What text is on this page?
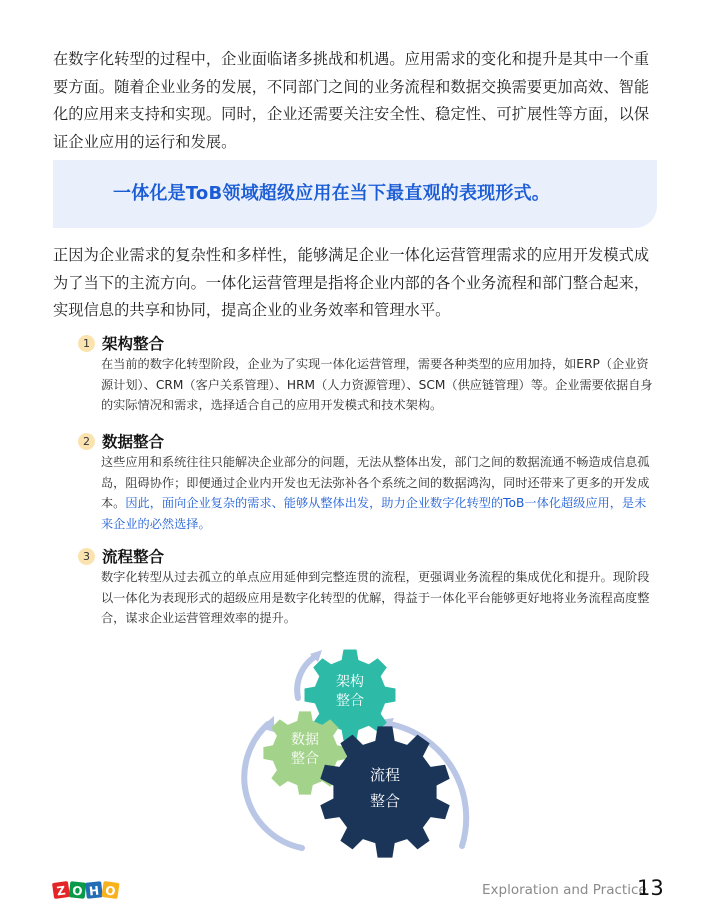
在数字化转型的过程中，企业面临诸多挑战和机遇。应用需求的变化和提升是其中一个重要方面。随着企业业务的发展，不同部门之间的业务流程和数据交换需要更加高效、智能化的应用来支持和实现。同时，企业还需要关注安全性、稳定性、可扩展性等方面，以保证企业应用的运行和发展。

一体化是ToB领域超级应用在当下最直观的表现形式。

正因为企业需求的复杂性和多样性，能够满足企业一体化运营管理需求的应用开发模式成为了当下的主流方向。一体化运营管理是指将企业内部的各个业务流程和部门整合起来，实现信息的共享和协同，提高企业的业务效率和管理水平。

1 架构整合

在当前的数字化转型阶段，企业为了实现一体化运营管理，需要各种类型的应用加持，如ERP（企业资源计划）、CRM（客户关系管理）、HRM（人力资源管理）、SCM（供应链管理）等。企业需要依据自身的实际情况和需求，选择适合自己的应用开发模式和技术架构。

2 数据整合

这些应用和系统往往只能解决企业部分的问题，无法从整体出发，部门之间的数据流通不畅造成信息孤岛，阻碍协作；即便通过企业内开发也无法弥补各个系统之间的数据鸿沟，同时还带来了更多的开发成本。因此，面向企业复杂的需求、能够从整体出发，助力企业数字化转型的ToB一体化超级应用，是未来企业的必然选择。

3 流程整合

数字化转型从过去孤立的单点应用延伸到完整连贯的流程，更强调业务流程的集成优化和提升。现阶段以一体化为表现形式的超级应用是数字化转型的优解，得益于一体化平台能够更好地将业务流程高度整合，谋求企业运营管理效率的提升。

架构
整合
数据
整合
流程
整合
Z O H O	Exploration and Practice
13
